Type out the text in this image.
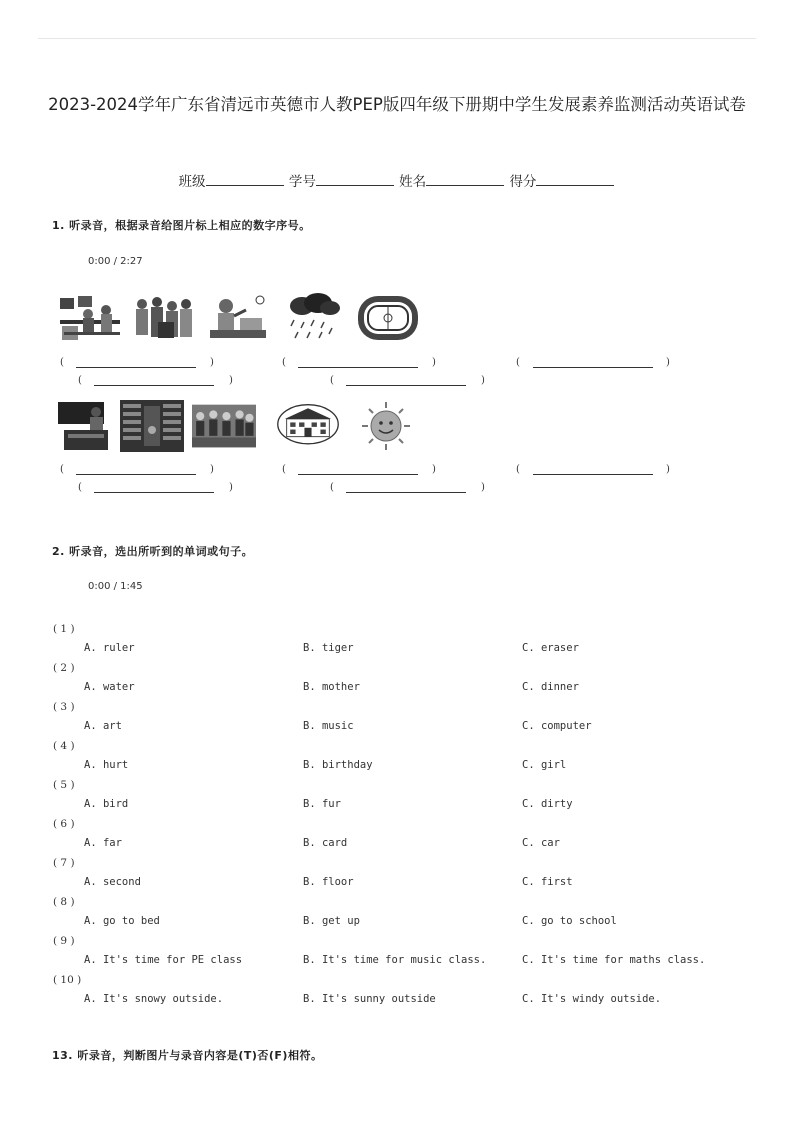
2023-2024学年广东省清远市英德市人教PEP版四年级下册期中学生发展素养监测活动英语试卷
班级	学号	姓名	得分
1. 听录音，根据录音给图片标上相应的数字序号。
0:00 / 2:27
(	)	(	)	(	)
(	)	(	)
(	)	(	)	(	)
(	)	(	)
2. 听录音，选出所听到的单词或句子。
0:00 / 1:45
( 1 )
A. ruler	B. tiger	C. eraser
( 2 )
A. water	B. mother	C. dinner
( 3 )
A. art	B. music	C. computer
( 4 )
A. hurt	B. birthday	C. girl
( 5 )
A. bird	B. fur	C. dirty
( 6 )
A. far	B. card	C. car
( 7 )
A. second	B. floor	C. first
( 8 )
A. go to bed	B. get up	C. go to school
( 9 )
A. It's time for PE class	B. It's time for music class.	C. It's time for maths class.
( 10 )
A. It's snowy outside.	B. It's sunny outside	C. It's windy outside.
13. 听录音，判断图片与录音内容是(T)否(F)相符。
